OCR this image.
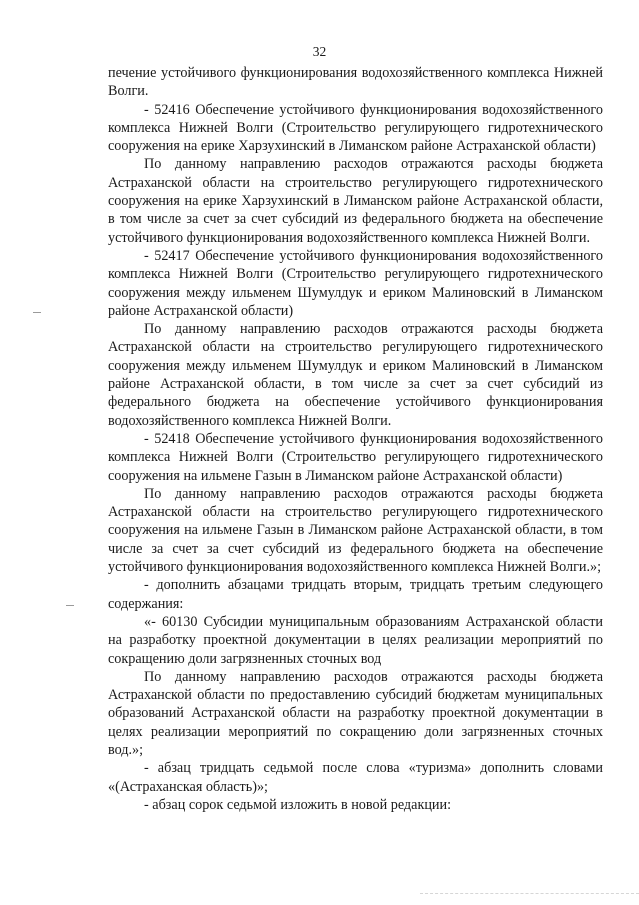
32

печение устойчивого функционирования водохозяйственного комплекса Нижней Волги.

- 52416 Обеспечение устойчивого функционирования водохозяйственного комплекса Нижней Волги (Строительство регулирующего гидротехнического сооружения на ерике Харзухинский в Лиманском районе Астраханской области)

По данному направлению расходов отражаются расходы бюджета Астраханской области на строительство регулирующего гидротехнического сооружения на ерике Харзухинский в Лиманском районе Астраханской области, в том числе за счет за счет субсидий из федерального бюджета на обеспечение устойчивого функционирования водохозяйственного комплекса Нижней Волги.

- 52417 Обеспечение устойчивого функционирования водохозяйственного комплекса Нижней Волги (Строительство регулирующего гидротехнического сооружения между ильменем Шумулдук и ериком Малиновский в Лиманском районе Астраханской области)

По данному направлению расходов отражаются расходы бюджета Астраханской области на строительство регулирующего гидротехнического сооружения между ильменем Шумулдук и ериком Малиновский в Лиманском районе Астраханской области, в том числе за счет за счет субсидий из федерального бюджета на обеспечение устойчивого функционирования водохозяйственного комплекса Нижней Волги.

- 52418 Обеспечение устойчивого функционирования водохозяйственного комплекса Нижней Волги (Строительство регулирующего гидротехнического сооружения на ильмене Газын в Лиманском районе Астраханской области)

По данному направлению расходов отражаются расходы бюджета Астраханской области на строительство регулирующего гидротехнического сооружения на ильмене Газын в Лиманском районе Астраханской области, в том числе за счет за счет субсидий из федерального бюджета на обеспечение устойчивого функционирования водохозяйственного комплекса Нижней Волги.»;

- дополнить абзацами тридцать вторым, тридцать третьим следующего содержания:

«- 60130 Субсидии муниципальным образованиям Астраханской области на разработку проектной документации в целях реализации мероприятий по сокращению доли загрязненных сточных вод

По данному направлению расходов отражаются расходы бюджета Астраханской области по предоставлению субсидий бюджетам муниципальных образований Астраханской области на разработку проектной документации в целях реализации мероприятий по сокращению доли загрязненных сточных вод.»;

- абзац тридцать седьмой после слова «туризма» дополнить словами «(Астраханская область)»;

- абзац сорок седьмой изложить в новой редакции:
